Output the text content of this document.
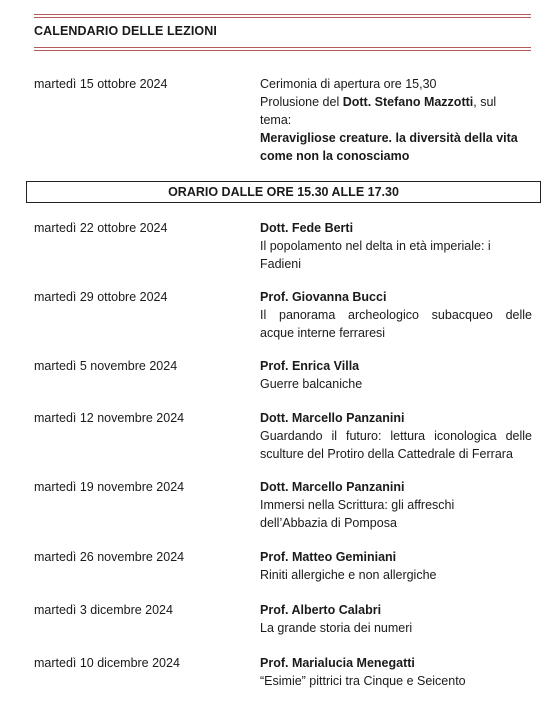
CALENDARIO DELLE LEZIONI
martedì 15 ottobre 2024	Cerimonia di apertura ore 15,30
Prolusione del Dott. Stefano Mazzotti, sul
tema:
Meravigliose creature. la diversità della vita come non la conosciamo
ORARIO DALLE ORE 15.30 ALLE 17.30
martedì 22 ottobre 2024	Dott. Fede Berti
Il popolamento nel delta in età imperiale: i Fadieni
martedì 29 ottobre 2024	Prof. Giovanna Bucci
Il panorama archeologico subacqueo delle acque interne ferraresi
martedì 5 novembre 2024	Prof. Enrica Villa
Guerre balcaniche
martedì 12 novembre 2024	Dott. Marcello Panzanini
Guardando il futuro: lettura iconologica delle sculture del Protiro della Cattedrale di Ferrara
martedì 19 novembre 2024	Dott. Marcello Panzanini
Immersi nella Scrittura: gli affreschi
dell’Abbazia di Pomposa
martedì 26 novembre 2024	Prof. Matteo Geminiani
Riniti allergiche e non allergiche
martedì 3 dicembre 2024	Prof. Alberto Calabri
La grande storia dei numeri
martedì 10 dicembre 2024	Prof. Marialucia Menegatti
“Esimie” pittrici tra Cinque e Seicento
